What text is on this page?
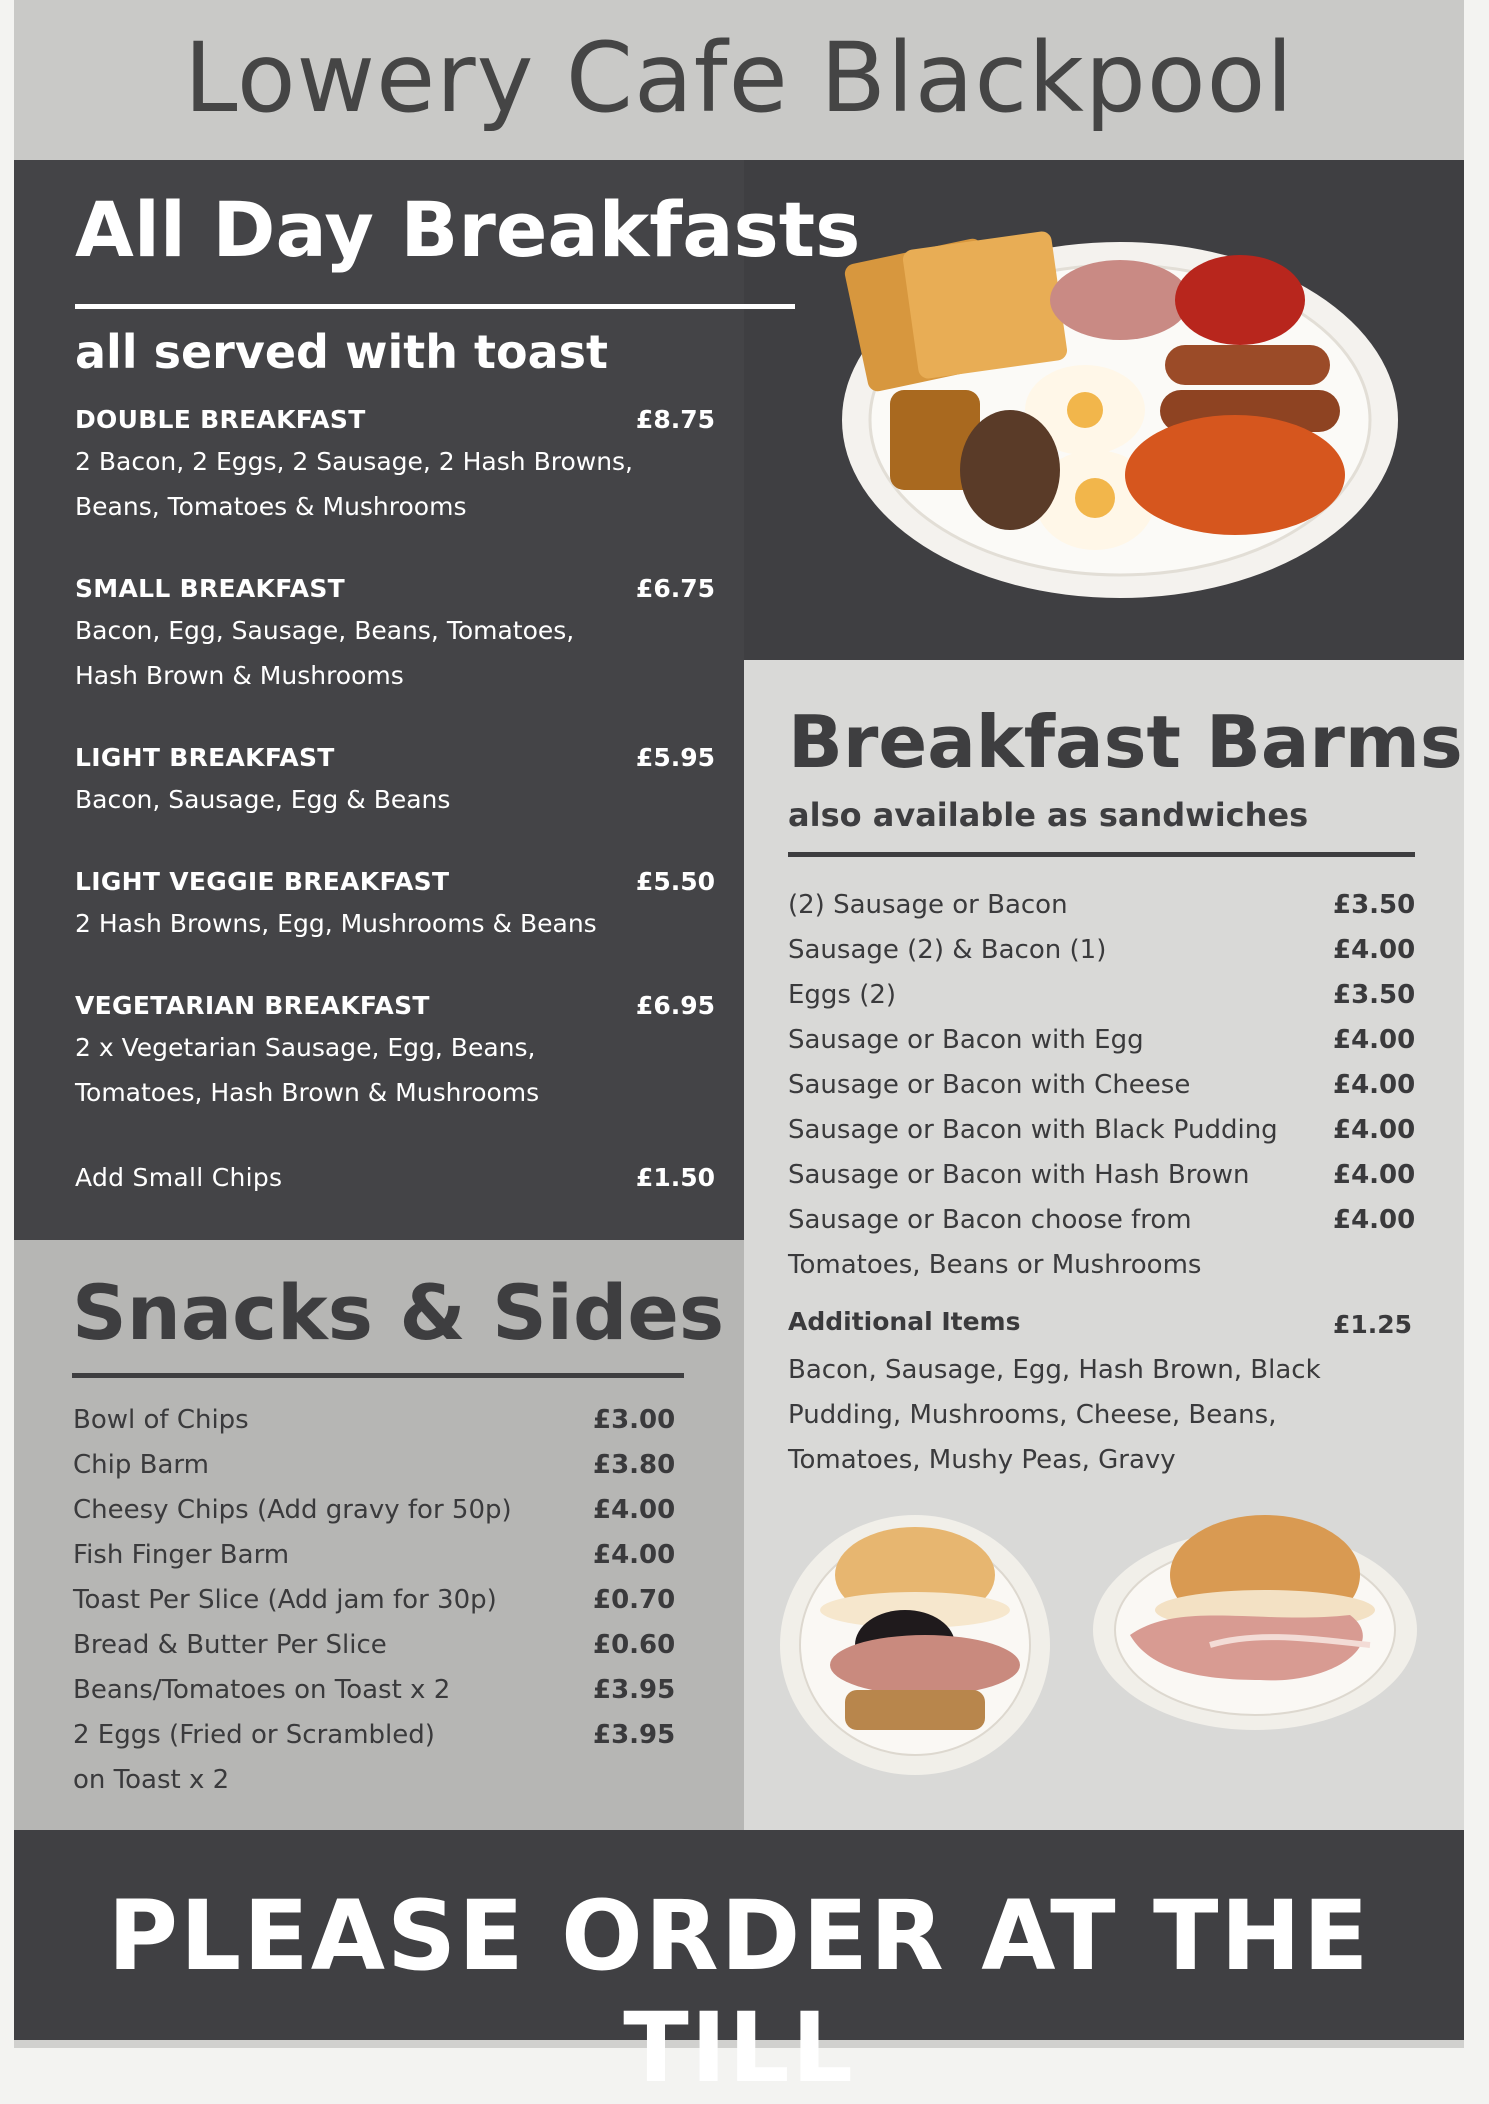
Lowery Cafe Blackpool
All Day Breakfasts
all served with toast
DOUBLE BREAKFAST	£8.75
2 Bacon, 2 Eggs, 2 Sausage, 2 Hash Browns, Beans, Tomatoes & Mushrooms
SMALL BREAKFAST	£6.75
Bacon, Egg, Sausage, Beans, Tomatoes, Hash Brown & Mushrooms
LIGHT BREAKFAST	£5.95
Bacon, Sausage, Egg & Beans
LIGHT VEGGIE BREAKFAST	£5.50
2 Hash Browns, Egg, Mushrooms & Beans
VEGETARIAN BREAKFAST	£6.95
2 x Vegetarian Sausage, Egg, Beans, Tomatoes, Hash Brown & Mushrooms
Add Small Chips	£1.50
Breakfast Barms
also available as sandwiches
(2) Sausage or Bacon	£3.50
Sausage (2) & Bacon (1)	£4.00
Eggs (2)	£3.50
Sausage or Bacon with Egg	£4.00
Sausage or Bacon with Cheese	£4.00
Sausage or Bacon with Black Pudding £4.00
Sausage or Bacon with Hash Brown	£4.00
Sausage or Bacon choose from	£4.00
Tomatoes, Beans or Mushrooms
Additional Items	£1.25
Bacon, Sausage, Egg, Hash Brown, Black Pudding, Mushrooms, Cheese, Beans, Tomatoes, Mushy Peas, Gravy
Snacks & Sides
Bowl of Chips	£3.00
Chip Barm	£3.80
Cheesy Chips (Add gravy for 50p)	£4.00
Fish Finger Barm	£4.00
Toast Per Slice (Add jam for 30p)	£0.70
Bread & Butter Per Slice	£0.60
Beans/Tomatoes on Toast x 2	£3.95
2 Eggs (Fried or Scrambled)	£3.95
on Toast x 2
PLEASE ORDER AT THE TILL
